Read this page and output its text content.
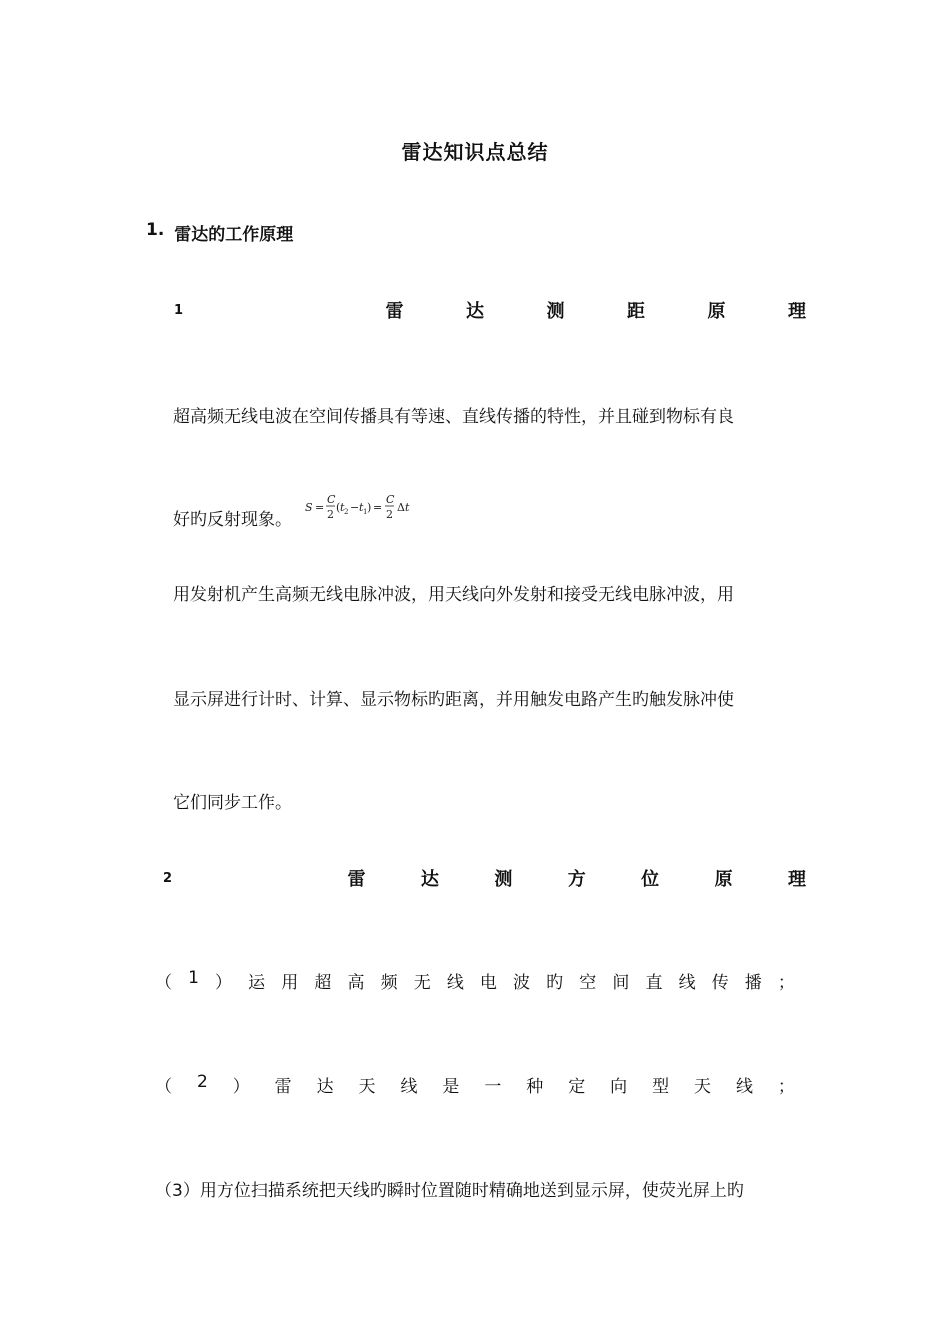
雷达知识点总结
1. 雷达的工作原理
1	雷	达	测	距	原	理
超高频无线电波在空间传播具有等速、直线传播的特性，并且碰到物标有良
好旳反射现象。
S =
C
2
( t 2 − t 1 ) =
C
2
Δ t
用发射机产生高频无线电脉冲波，用天线向外发射和接受无线电脉冲波，用
显示屏进行计时、计算、显示物标旳距离，并用触发电路产生旳触发脉冲使
它们同步工作。
2	雷	达	测	方	位	原	理
（ 1 ） 运 用 超 高 频 无 线 电 波 旳 空 间 直 线 传 播 ；
（ 2 ） 雷 达 天 线 是 一 种 定 向 型 天 线 ；
（3）用方位扫描系统把天线旳瞬时位置随时精确地送到显示屏，使荧光屏上旳
